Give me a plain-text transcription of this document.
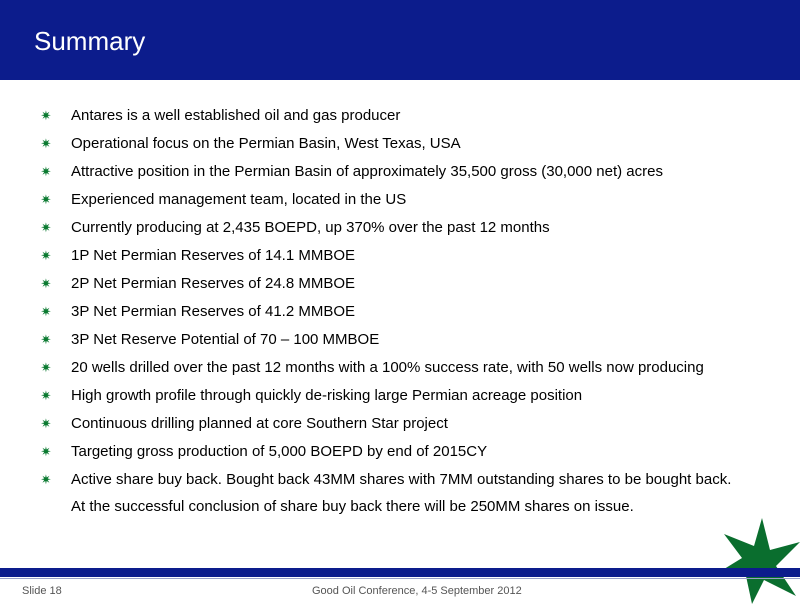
Summary
✷ Antares is a well established oil and gas producer
✷ Operational focus on the Permian Basin, West Texas, USA
✷ Attractive position in the Permian Basin of approximately 35,500 gross (30,000 net) acres
✷ Experienced management team, located in the US
✷ Currently producing at 2,435 BOEPD, up 370% over the past 12 months
✷ 1P Net Permian Reserves of 14.1 MMBOE
✷ 2P Net Permian Reserves of 24.8 MMBOE
✷ 3P Net Permian Reserves of 41.2 MMBOE
✷ 3P Net Reserve Potential of 70 – 100 MMBOE
✷ 20 wells drilled over the past 12 months with a 100% success rate, with 50 wells now producing
✷ High growth profile through quickly de-risking large Permian acreage position
✷ Continuous drilling planned at core Southern Star project
✷ Targeting gross production of 5,000 BOEPD by end of 2015CY
✷ Active share buy back. Bought back 43MM shares with 7MM outstanding shares to be bought back.
At the successful conclusion of share buy back there will be 250MM shares on issue.
Slide 18	Good Oil Conference, 4-5 September 2012
